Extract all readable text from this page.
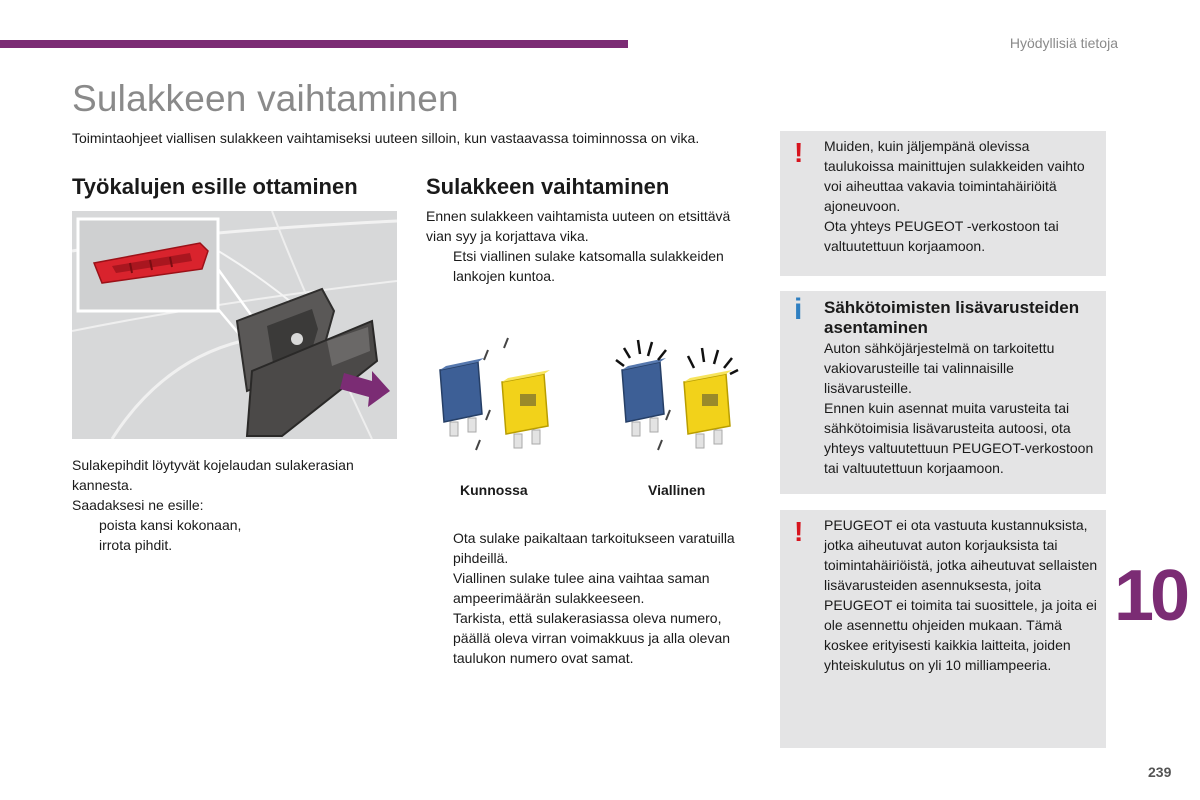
Hyödyllisiä tietoja
Sulakkeen vaihtaminen

Toimintaohjeet viallisen sulakkeen vaihtamiseksi uuteen silloin, kun vastaavassa toiminnossa on vika.

Työkalujen esille ottaminen	Sulakkeen vaihtaminen

Sulakepihdit löytyvät kojelaudan sulakerasian kannesta.

Saadaksesi ne esille:

poista kansi kokonaan,
irrota pihdit.

Ennen sulakkeen vaihtamista uuteen on etsittävä vian syy ja korjattava vika.

Etsi viallinen sulake katsomalla sulakkeiden lankojen kuntoa.
Kunnossa	Viallinen
Ota sulake paikaltaan tarkoitukseen varatuilla pihdeillä.
Viallinen sulake tulee aina vaihtaa saman ampeerimäärän sulakkeeseen.
Tarkista, että sulakerasiassa oleva numero, päällä oleva virran voimakkuus ja alla olevan taulukon numero ovat samat.
! Muiden, kuin jäljempänä olevissa taulukoissa mainittujen sulakkeiden vaihto voi aiheuttaa vakavia toimintahäiriöitä ajoneuvoon.

Ota yhteys PEUGEOT -verkostoon tai valtuutettuun korjaamoon.

i Sähkötoimisten lisävarusteiden asentaminen

Auton sähköjärjestelmä on tarkoitettu vakiovarusteille tai valinnaisille lisävarusteille.

Ennen kuin asennat muita varusteita tai sähkötoimisia lisävarusteita autoosi, ota yhteys valtuutettuun PEUGEOT-verkostoon tai valtuutettuun korjaamoon.

! PEUGEOT ei ota vastuuta kustannuksista, jotka aiheutuvat auton korjauksista tai toimintahäiriöistä, jotka aiheutuvat sellaisten lisävarusteiden asennuksesta, joita PEUGEOT ei toimita tai suosittele, ja joita ei ole asennettu ohjeiden mukaan. Tämä koskee erityisesti kaikkia laitteita, joiden yhteiskulutus on yli 10 milliampeeria.

10
239
